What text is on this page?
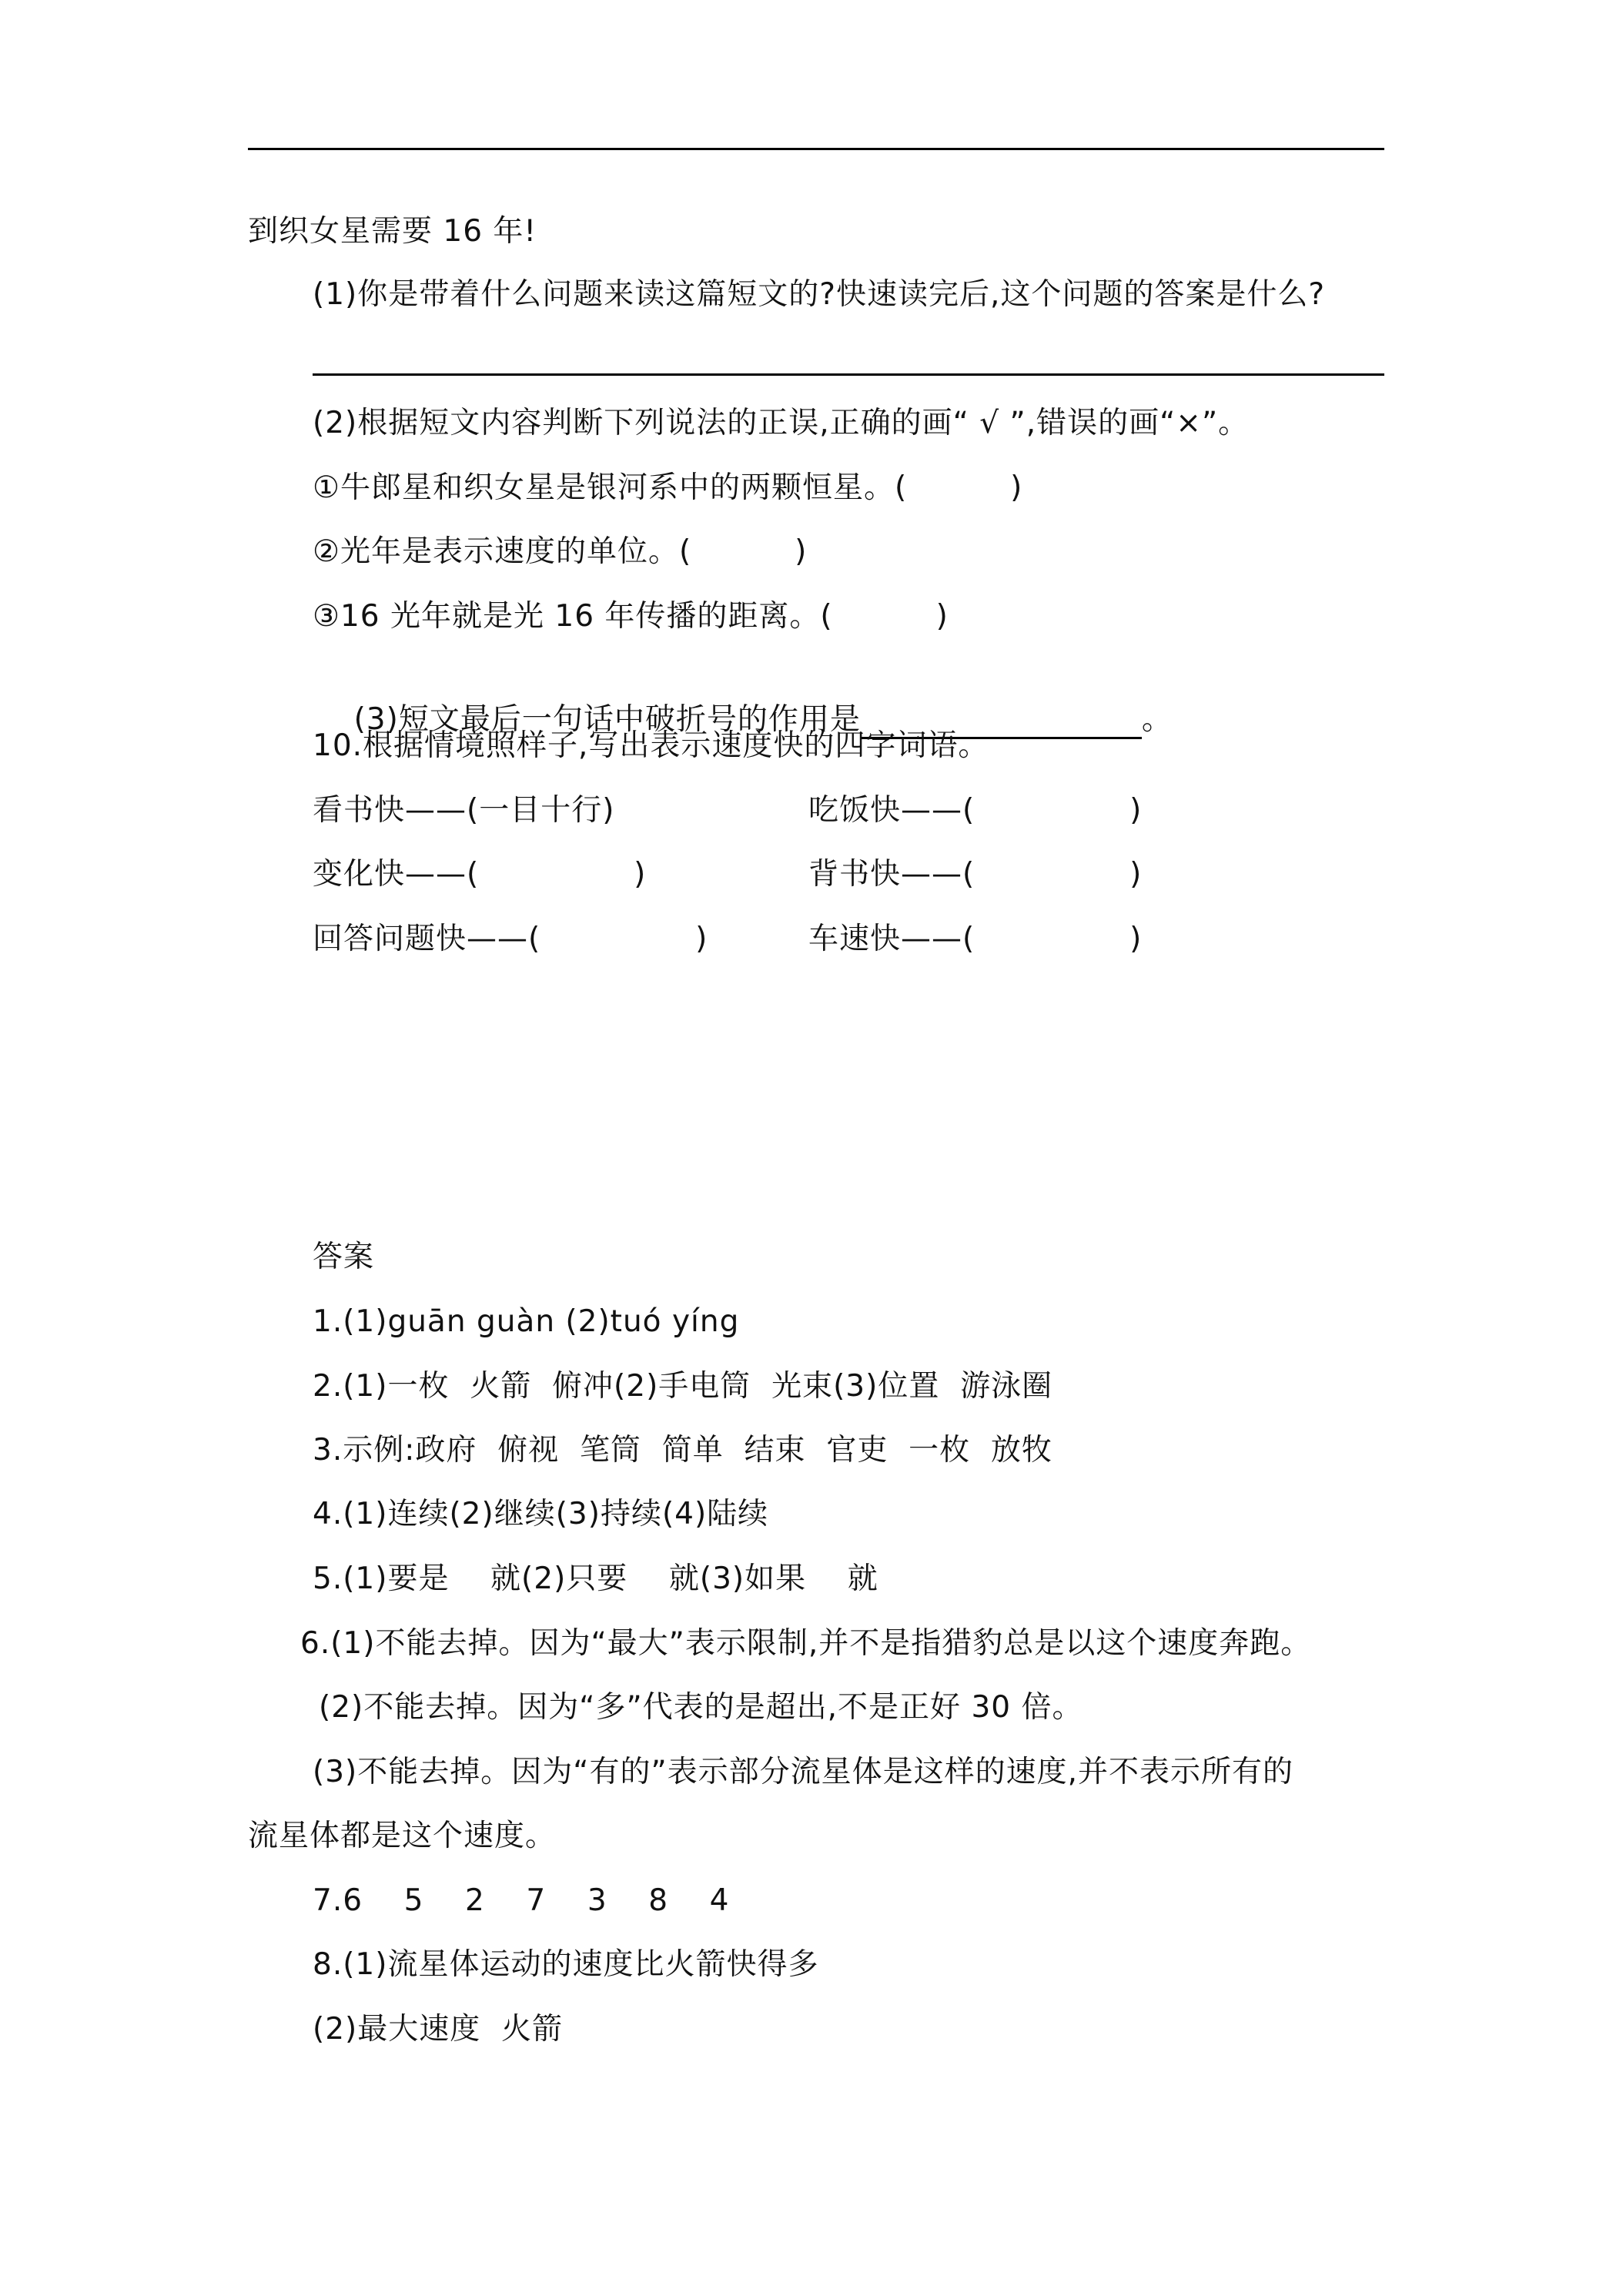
到织女星需要 16 年!
(1)你是带着什么问题来读这篇短文的?快速读完后,这个问题的答案是什么?
(2)根据短文内容判断下列说法的正误,正确的画“ √ ”,错误的画“×”。
①牛郎星和织女星是银河系中的两颗恒星。(          )
②光年是表示速度的单位。(          )
③16 光年就是光 16 年传播的距离。(          )

(3)短文最后一句话中破折号的作用是	。

10.根据情境照样子,写出表示速度快的四字词语。
看书快——(一目十行)	吃饭快——(               )
变化快——(               )	背书快——(               )
回答问题快——(               )	车速快——(               )
答案
1.(1)guān guàn (2)tuó yíng
2.(1)一枚  火箭  俯冲(2)手电筒  光束(3)位置  游泳圈
3.示例:政府  俯视  笔筒  简单  结束  官吏  一枚  放牧
4.(1)连续(2)继续(3)持续(4)陆续
5.(1)要是    就(2)只要    就(3)如果    就
6.(1)不能去掉。因为“最大”表示限制,并不是指猎豹总是以这个速度奔跑。
(2)不能去掉。因为“多”代表的是超出,不是正好 30 倍。
(3)不能去掉。因为“有的”表示部分流星体是这样的速度,并不表示所有的
流星体都是这个速度。
7.6    5    2    7    3    8    4
8.(1)流星体运动的速度比火箭快得多
(2)最大速度  火箭
